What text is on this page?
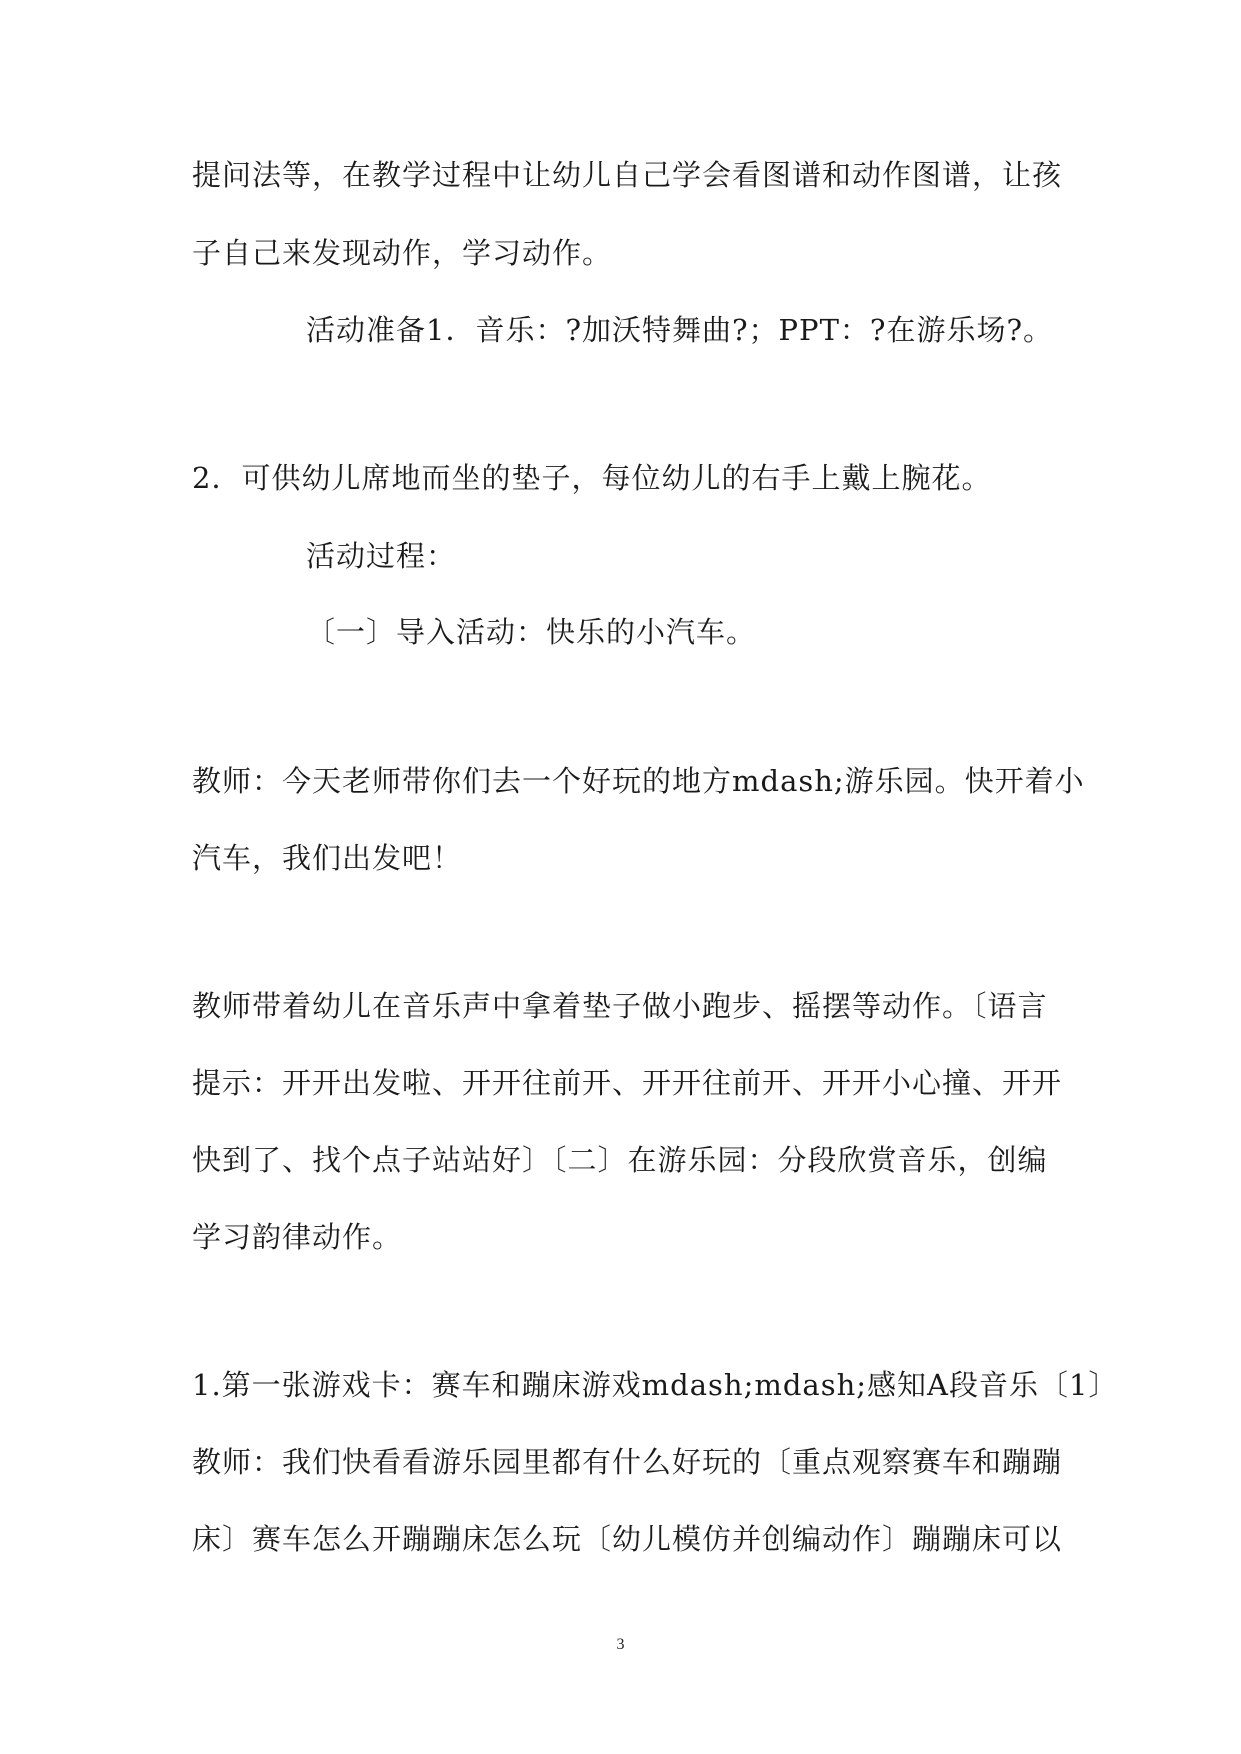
提问法等，在教学过程中让幼儿自己学会看图谱和动作图谱，让孩
子自己来发现动作，学习动作。
活动准备1．音乐：?加沃特舞曲?；PPT：?在游乐场?。
2．可供幼儿席地而坐的垫子，每位幼儿的右手上戴上腕花。
活动过程：
〔一〕导入活动：快乐的小汽车。
教师：今天老师带你们去一个好玩的地方mdash;游乐园。快开着小
汽车，我们出发吧！
教师带着幼儿在音乐声中拿着垫子做小跑步、摇摆等动作。〔语言
提示：开开出发啦、开开往前开、开开往前开、开开小心撞、开开
快到了、找个点子站站好〕〔二〕在游乐园：分段欣赏音乐，创编
学习韵律动作。
1.第一张游戏卡：赛车和蹦床游戏mdash;mdash;感知A段音乐〔1〕
教师：我们快看看游乐园里都有什么好玩的〔重点观察赛车和蹦蹦
床〕赛车怎么开蹦蹦床怎么玩〔幼儿模仿并创编动作〕蹦蹦床可以
3
